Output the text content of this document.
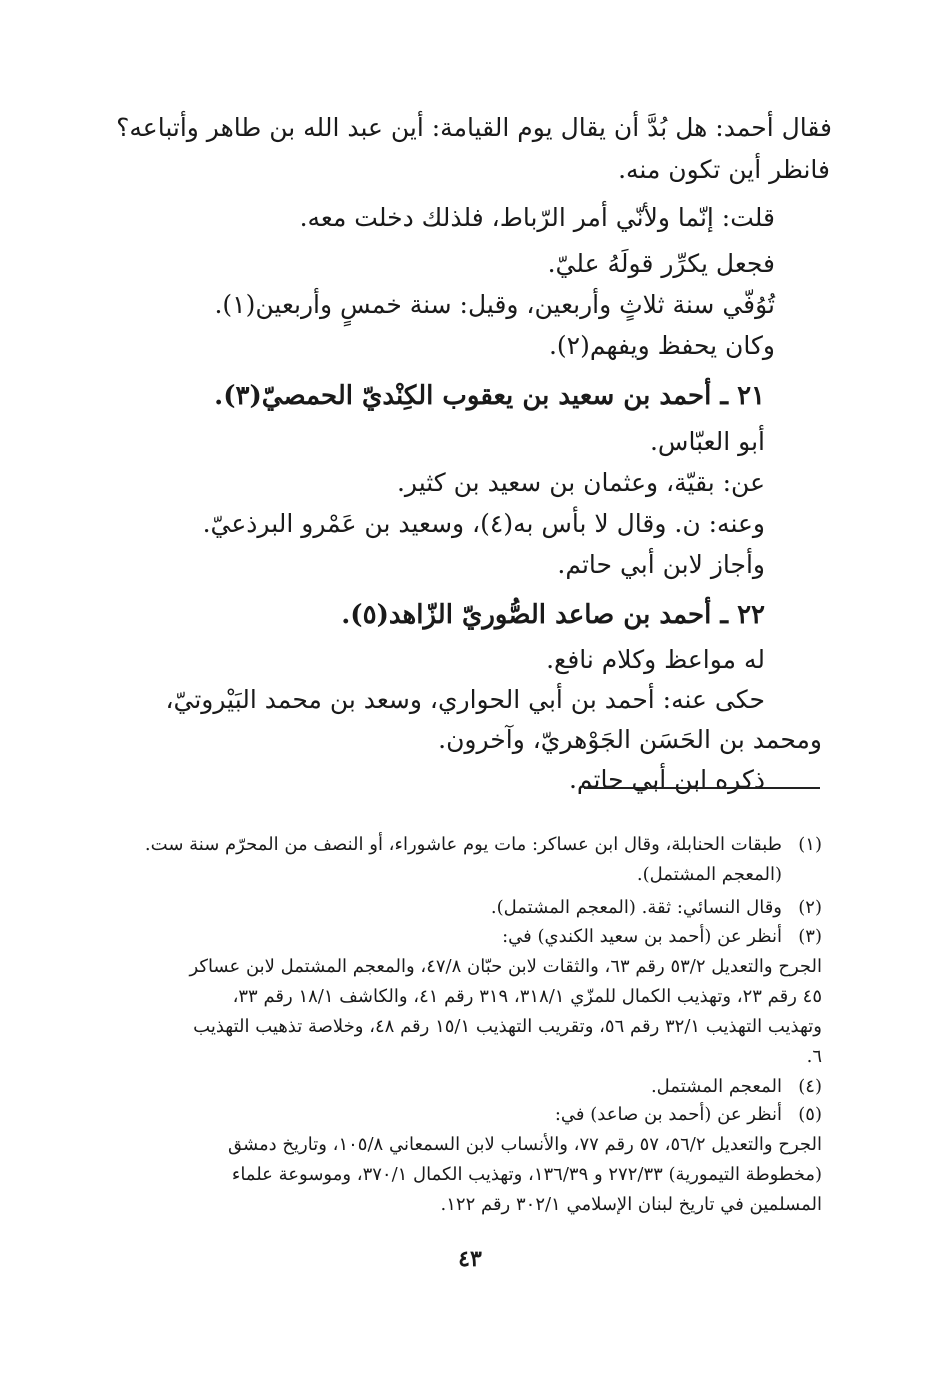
فقال أحمد: هل بُدَّ أن يقال يوم القيامة: أين عبد الله بن طاهر وأتباعه؟
فانظر أين تكون منه.
قلت: إنّما ولأنّي أمر الرّباط، فلذلك دخلت معه.
فجعل يكرِّر قولَهُ عليّ.
تُوُفّي سنة ثلاثٍ وأربعين، وقيل: سنة خمسٍ وأربعين(١).
وكان يحفظ ويفهم(٢).
٢١ ـ أحمد بن سعيد بن يعقوب الكِنْديّ الحمصيّ(٣).
أبو العبّاس.
عن: بقيّة، وعثمان بن سعيد بن كثير.
وعنه: ن. وقال لا بأس به(٤)، وسعيد بن عَمْرو البرذعيّ.
وأجاز لابن أبي حاتم.
٢٢ ـ أحمد بن صاعد الصُّوريّ الزّاهد(٥).
له مواعظ وكلام نافع.
حكى عنه: أحمد بن أبي الحواري، وسعد بن محمد البَيْروتيّ،
ومحمد بن الحَسَن الجَوْهريّ، وآخرون.
ذكره ابن أبي حاتم.
(١)طبقات الحنابلة، وقال ابن عساكر: مات يوم عاشوراء، أو النصف من المحرّم سنة ست.
(المعجم المشتمل).
(٢)وقال النسائي: ثقة. (المعجم المشتمل).
(٣)أنظر عن (أحمد بن سعيد الكندي) في:
الجرح والتعديل ٥٣/٢ رقم ٦٣، والثقات لابن حبّان ٤٧/٨، والمعجم المشتمل لابن عساكر
٤٥ رقم ٢٣، وتهذيب الكمال للمزّي ٣١٨/١، ٣١٩ رقم ٤١، والكاشف ١٨/١ رقم ٣٣،
وتهذيب التهذيب ٣٢/١ رقم ٥٦، وتقريب التهذيب ١٥/١ رقم ٤٨، وخلاصة تذهيب التهذيب
٦.
(٤)المعجم المشتمل.
(٥)أنظر عن (أحمد بن صاعد) في:
الجرح والتعديل ٥٦/٢، ٥٧ رقم ٧٧، والأنساب لابن السمعاني ١٠٥/٨، وتاريخ دمشق
(مخطوطة التيمورية) ٢٧٢/٣٣ و ١٣٦/٣٩، وتهذيب الكمال ٣٧٠/١، وموسوعة علماء
المسلمين في تاريخ لبنان الإسلامي ٣٠٢/١ رقم ١٢٢.
٤٣
